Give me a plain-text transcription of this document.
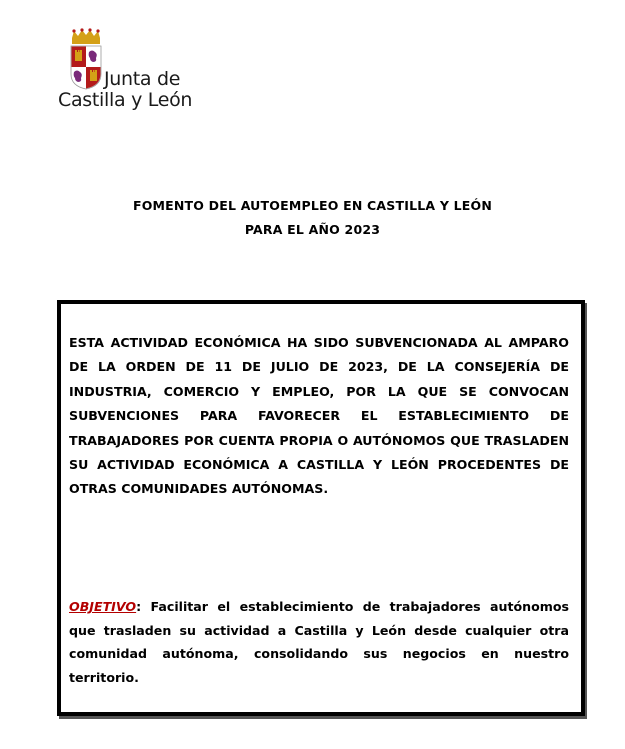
Junta de
Castilla y León
FOMENTO DEL AUTOEMPLEO EN CASTILLA Y LEÓN
PARA EL AÑO 2023
ESTA ACTIVIDAD ECONÓMICA HA SIDO SUBVENCIONADA AL AMPARO DE LA ORDEN DE 11 DE JULIO DE 2023, DE LA CONSEJERÍA DE INDUSTRIA, COMERCIO Y EMPLEO, POR LA QUE SE CONVOCAN SUBVENCIONES PARA FAVORECER EL ESTABLECIMIENTO DE TRABAJADORES POR CUENTA PROPIA O AUTÓNOMOS QUE TRASLADEN SU ACTIVIDAD ECONÓMICA A CASTILLA Y LEÓN PROCEDENTES DE OTRAS COMUNIDADES AUTÓNOMAS.
OBJETIVO: Facilitar el establecimiento de trabajadores autónomos que trasladen su actividad a Castilla y León desde cualquier otra comunidad autónoma, consolidando sus negocios en nuestro territorio.
